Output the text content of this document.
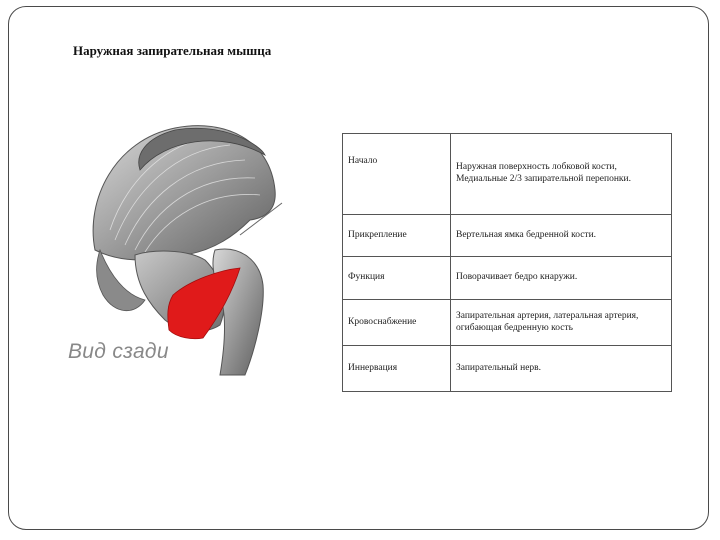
Наружная запирательная мышца
Вид сзади
Начало	Наружная поверхность лобковой кости, Медиальные 2/3 запирательной перепонки.
Прикрепление	Вертельная ямка бедренной кости.
Функция	Поворачивает бедро кнаружи.
Кровоснабжение	Запирательная артерия, латеральная артерия, огибающая бедренную кость
Иннервация	Запирательный нерв.
